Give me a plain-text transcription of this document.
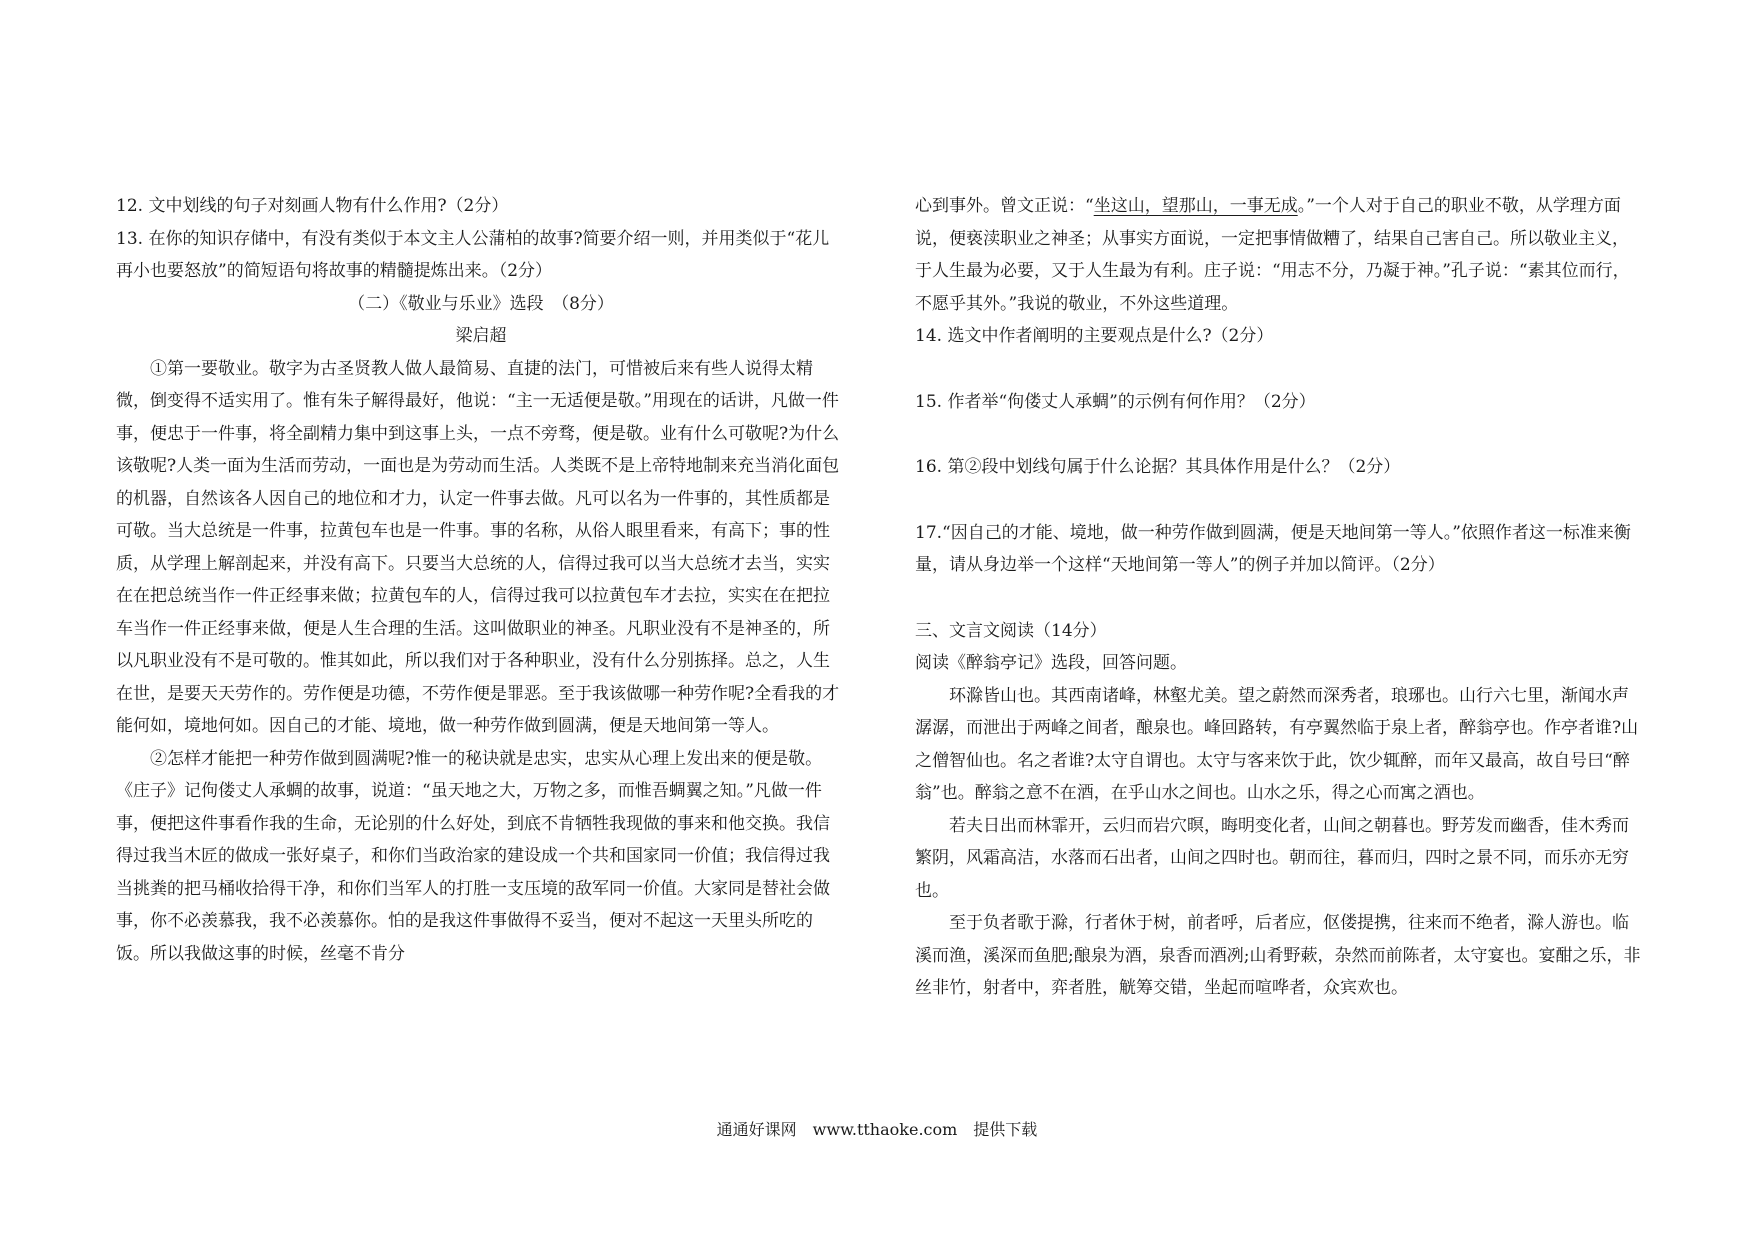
12. 文中划线的句子对刻画人物有什么作用?（2分）

13. 在你的知识存储中，有没有类似于本文主人公蒲柏的故事?简要介绍一则，并用类似于“花儿再小也要怒放”的简短语句将故事的精髓提炼出来。（2分）

（二）《敬业与乐业》选段　（8分）

梁启超

①第一要敬业。敬字为古圣贤教人做人最简易、直捷的法门，可惜被后来有些人说得太精微，倒变得不适实用了。惟有朱子解得最好，他说：“主一无适便是敬。”用现在的话讲，凡做一件事，便忠于一件事，将全副精力集中到这事上头，一点不旁骛，便是敬。业有什么可敬呢?为什么该敬呢?人类一面为生活而劳动，一面也是为劳动而生活。人类既不是上帝特地制来充当消化面包的机器，自然该各人因自己的地位和才力，认定一件事去做。凡可以名为一件事的，其性质都是可敬。当大总统是一件事，拉黄包车也是一件事。事的名称，从俗人眼里看来，有高下；事的性质，从学理上解剖起来，并没有高下。只要当大总统的人，信得过我可以当大总统才去当，实实在在把总统当作一件正经事来做；拉黄包车的人，信得过我可以拉黄包车才去拉，实实在在把拉车当作一件正经事来做，便是人生合理的生活。这叫做职业的神圣。凡职业没有不是神圣的，所以凡职业没有不是可敬的。惟其如此，所以我们对于各种职业，没有什么分别拣择。总之，人生在世，是要天天劳作的。劳作便是功德，不劳作便是罪恶。至于我该做哪一种劳作呢?全看我的才能何如，境地何如。因自己的才能、境地，做一种劳作做到圆满，便是天地间第一等人。

②怎样才能把一种劳作做到圆满呢?惟一的秘诀就是忠实，忠实从心理上发出来的便是敬。《庄子》记佝偻丈人承蜩的故事，说道：“虽天地之大，万物之多，而惟吾蜩翼之知。”凡做一件事，便把这件事看作我的生命，无论别的什么好处，到底不肯牺牲我现做的事来和他交换。我信得过我当木匠的做成一张好桌子，和你们当政治家的建设成一个共和国家同一价值；我信得过我当挑粪的把马桶收拾得干净，和你们当军人的打胜一支压境的敌军同一价值。大家同是替社会做事，你不必羡慕我，我不必羡慕你。怕的是我这件事做得不妥当，便对不起这一天里头所吃的饭。所以我做这事的时候，丝毫不肯分

心到事外。曾文正说：“坐这山，望那山，一事无成。”一个人对于自己的职业不敬，从学理方面说，便亵渎职业之神圣；从事实方面说，一定把事情做糟了，结果自己害自己。所以敬业主义，于人生最为必要，又于人生最为有利。庄子说：“用志不分，乃凝于神。”孔子说：“素其位而行，不愿乎其外。”我说的敬业，不外这些道理。

14. 选文中作者阐明的主要观点是什么?（2分）

15. 作者举“佝偻丈人承蜩”的示例有何作用？（2分）

16. 第②段中划线句属于什么论据？其具体作用是什么？（2分）

17.“因自己的才能、境地，做一种劳作做到圆满，便是天地间第一等人。”依照作者这一标准来衡量，请从身边举一个这样“天地间第一等人”的例子并加以简评。（2分）

三、文言文阅读（14分）

阅读《醉翁亭记》选段，回答问题。

环滁皆山也。其西南诸峰，林壑尤美。望之蔚然而深秀者，琅琊也。山行六七里，渐闻水声潺潺，而泄出于两峰之间者，酿泉也。峰回路转，有亭翼然临于泉上者，醉翁亭也。作亭者谁?山之僧智仙也。名之者谁?太守自谓也。太守与客来饮于此，饮少辄醉，而年又最高，故自号曰“醉翁”也。醉翁之意不在酒，在乎山水之间也。山水之乐，得之心而寓之酒也。

若夫日出而林霏开，云归而岩穴暝，晦明变化者，山间之朝暮也。野芳发而幽香，佳木秀而繁阴，风霜高洁，水落而石出者，山间之四时也。朝而往，暮而归，四时之景不同，而乐亦无穷也。

至于负者歌于滁，行者休于树，前者呼，后者应，伛偻提携，往来而不绝者，滁人游也。临溪而渔，溪深而鱼肥;酿泉为酒，泉香而酒冽;山肴野蔌，杂然而前陈者，太守宴也。宴酣之乐，非丝非竹，射者中，弈者胜，觥筹交错，坐起而喧哗者，众宾欢也。

通通好课网　www.tthaoke.com　提供下载
